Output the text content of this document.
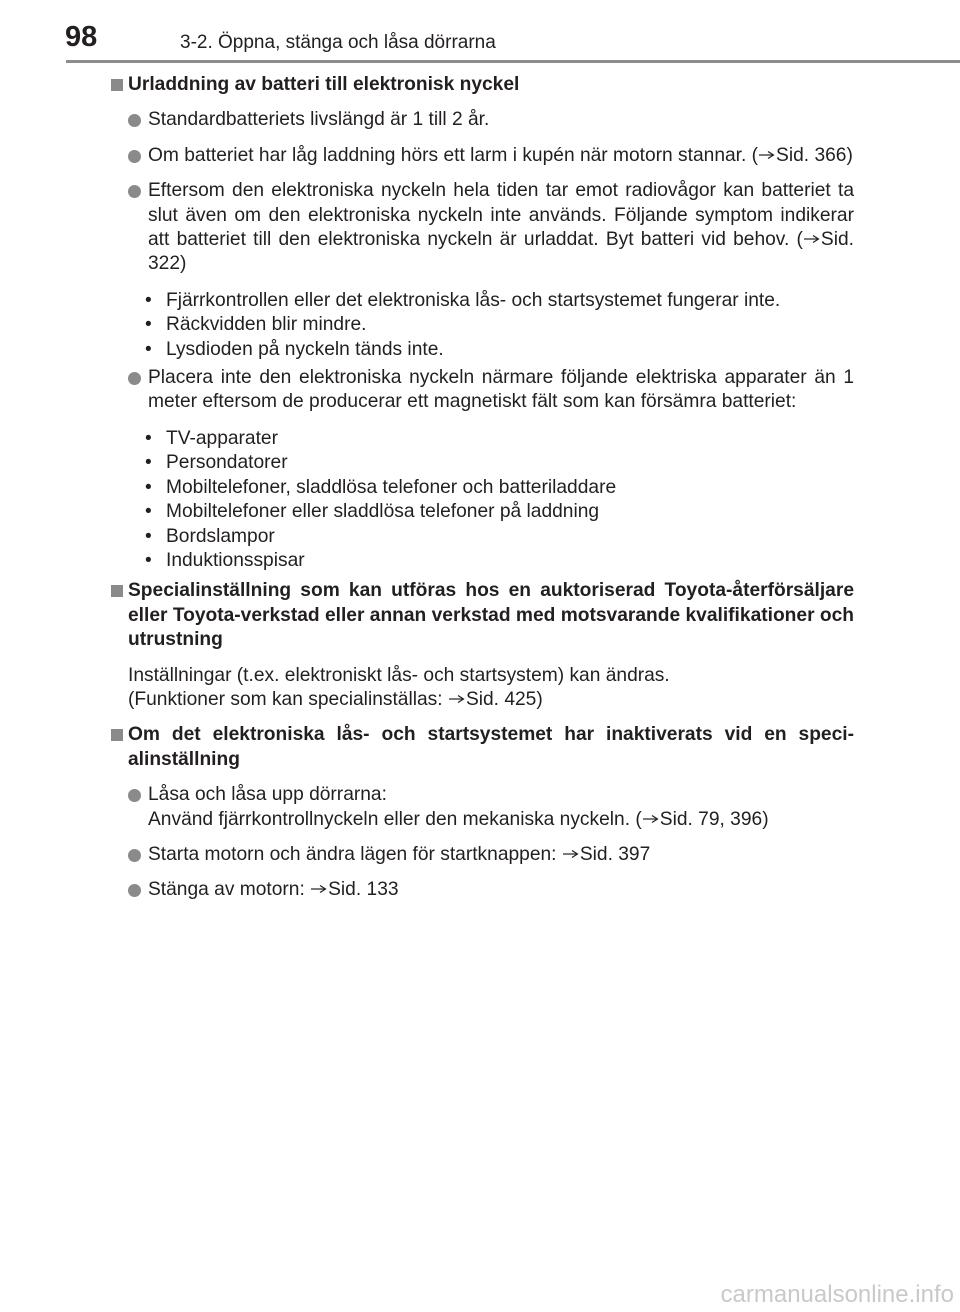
98	3-2. Öppna, stänga och låsa dörrarna
Urladdning av batteri till elektronisk nyckel
Standardbatteriets livslängd är 1 till 2 år.
Om batteriet har låg laddning hörs ett larm i kupén när motorn stannar. ( Sid. 366)
Eftersom den elektroniska nyckeln hela tiden tar emot radiovågor kan batteriet ta slut även om den elektroniska nyckeln inte används. Följande symptom indikerar att batteriet till den elektroniska nyckeln är urladdat. Byt batteri vid behov. ( Sid. 322)
• Fjärrkontrollen eller det elektroniska lås- och startsystemet fungerar inte.
• Räckvidden blir mindre.
• Lysdioden på nyckeln tänds inte.
Placera inte den elektroniska nyckeln närmare följande elektriska apparater än 1 meter eftersom de producerar ett magnetiskt fält som kan försämra batteriet:
• TV-apparater
• Persondatorer
• Mobiltelefoner, sladdlösa telefoner och batteriladdare
• Mobiltelefoner eller sladdlösa telefoner på laddning
• Bordslampor
• Induktionsspisar
Specialinställning som kan utföras hos en auktoriserad Toyota-återförsäljare eller Toyota-verkstad eller annan verkstad med motsvarande kvalifikationer och utrustning
Inställningar (t.ex. elektroniskt lås- och startsystem) kan ändras.
(Funktioner som kan specialinställas:
Sid. 425)
Om det elektroniska lås- och startsystemet har inaktiverats vid en specialinställning
Låsa och låsa upp dörrarna:
Använd fjärrkontrollnyckeln eller den mekaniska nyckeln. ( Sid. 79, 396)
Starta motorn och ändra lägen för startknappen:
Sid. 397
Stänga av motorn:
Sid. 133
carmanualsonline.info
